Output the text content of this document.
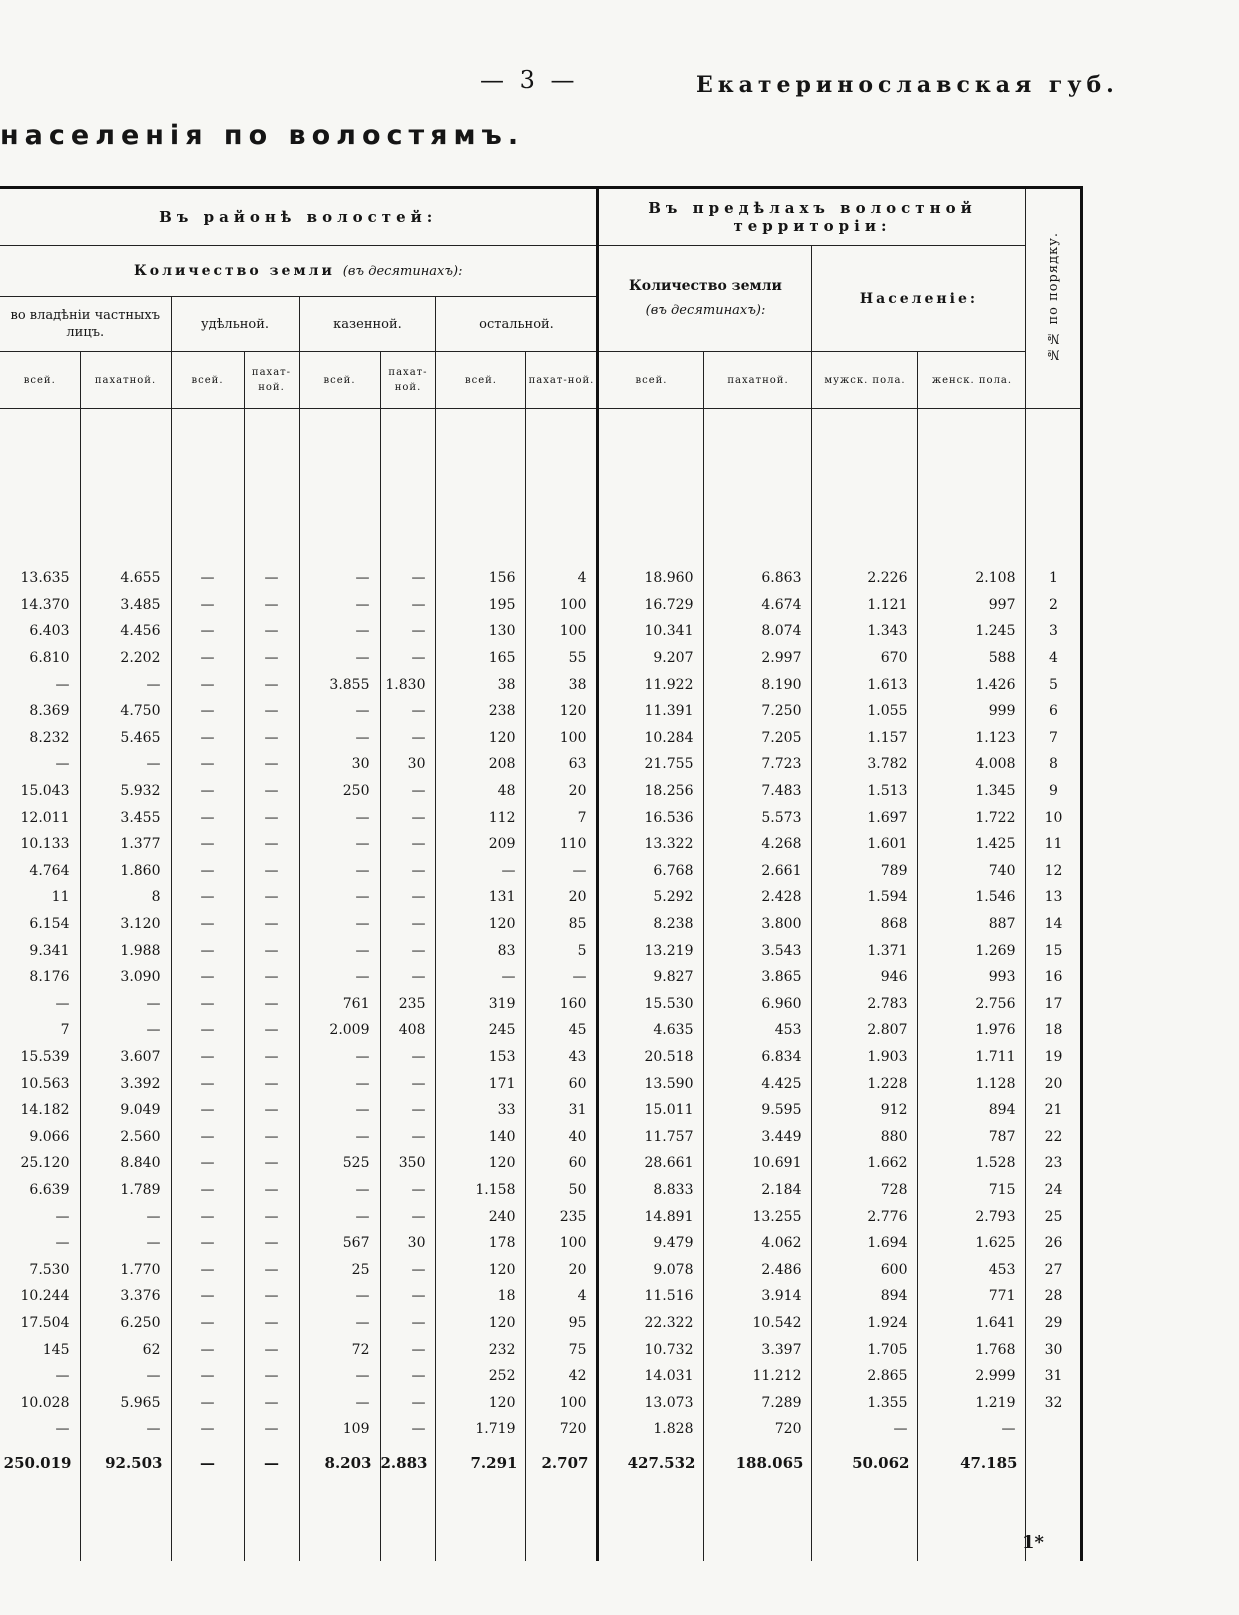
— 3 —	Екатеринославская губ.
населенія по волостямъ.
Въ районѣ волостей:								Въ предѣлахъ волостной территоріи:				№№ по порядку.
Количество земли (въ десятинахъ):								Количество земли
(въ десятинахъ):		Населеніе:		
во владѣніи частныхъ лицъ.		удѣльной.		казенной.		остальной.						
всей.	пахатной.	всей.	пахат-ной.	всей.	пахат-ной.	всей.	пахат-ной.	всей.	пахатной.	мужск. пола.	женск. пола.	

13.635	4.655	—	—	—	—	156	4	18.960	6.863	2.226	2.108	1
14.370	3.485	—	—	—	—	195	100	16.729	4.674	1.121	997	2
6.403	4.456	—	—	—	—	130	100	10.341	8.074	1.343	1.245	3
6.810	2.202	—	—	—	—	165	55	9.207	2.997	670	588	4
—	—	—	—	3.855	1.830	38	38	11.922	8.190	1.613	1.426	5
8.369	4.750	—	—	—	—	238	120	11.391	7.250	1.055	999	6
8.232	5.465	—	—	—	—	120	100	10.284	7.205	1.157	1.123	7
—	—	—	—	30	30	208	63	21.755	7.723	3.782	4.008	8
15.043	5.932	—	—	250	—	48	20	18.256	7.483	1.513	1.345	9
12.011	3.455	—	—	—	—	112	7	16.536	5.573	1.697	1.722	10
10.133	1.377	—	—	—	—	209	110	13.322	4.268	1.601	1.425	11
4.764	1.860	—	—	—	—	—	—	6.768	2.661	789	740	12
11	8	—	—	—	—	131	20	5.292	2.428	1.594	1.546	13
6.154	3.120	—	—	—	—	120	85	8.238	3.800	868	887	14
9.341	1.988	—	—	—	—	83	5	13.219	3.543	1.371	1.269	15
8.176	3.090	—	—	—	—	—	—	9.827	3.865	946	993	16
—	—	—	—	761	235	319	160	15.530	6.960	2.783	2.756	17
7	—	—	—	2.009	408	245	45	4.635	453	2.807	1.976	18
15.539	3.607	—	—	—	—	153	43	20.518	6.834	1.903	1.711	19
10.563	3.392	—	—	—	—	171	60	13.590	4.425	1.228	1.128	20
14.182	9.049	—	—	—	—	33	31	15.011	9.595	912	894	21
9.066	2.560	—	—	—	—	140	40	11.757	3.449	880	787	22
25.120	8.840	—	—	525	350	120	60	28.661	10.691	1.662	1.528	23
6.639	1.789	—	—	—	—	1.158	50	8.833	2.184	728	715	24
—	—	—	—	—	—	240	235	14.891	13.255	2.776	2.793	25
—	—	—	—	567	30	178	100	9.479	4.062	1.694	1.625	26
7.530	1.770	—	—	25	—	120	20	9.078	2.486	600	453	27
10.244	3.376	—	—	—	—	18	4	11.516	3.914	894	771	28
17.504	6.250	—	—	—	—	120	95	22.322	10.542	1.924	1.641	29
145	62	—	—	72	—	232	75	10.732	3.397	1.705	1.768	30
—	—	—	—	—	—	252	42	14.031	11.212	2.865	2.999	31
10.028	5.965	—	—	—	—	120	100	13.073	7.289	1.355	1.219	32
—	—	—	—	109	—	1.719	720	1.828	720	—	—	
250.019	92.503	—	—	8.203	2.883	7.291	2.707	427.532	188.065	50.062	47.185	

1*
